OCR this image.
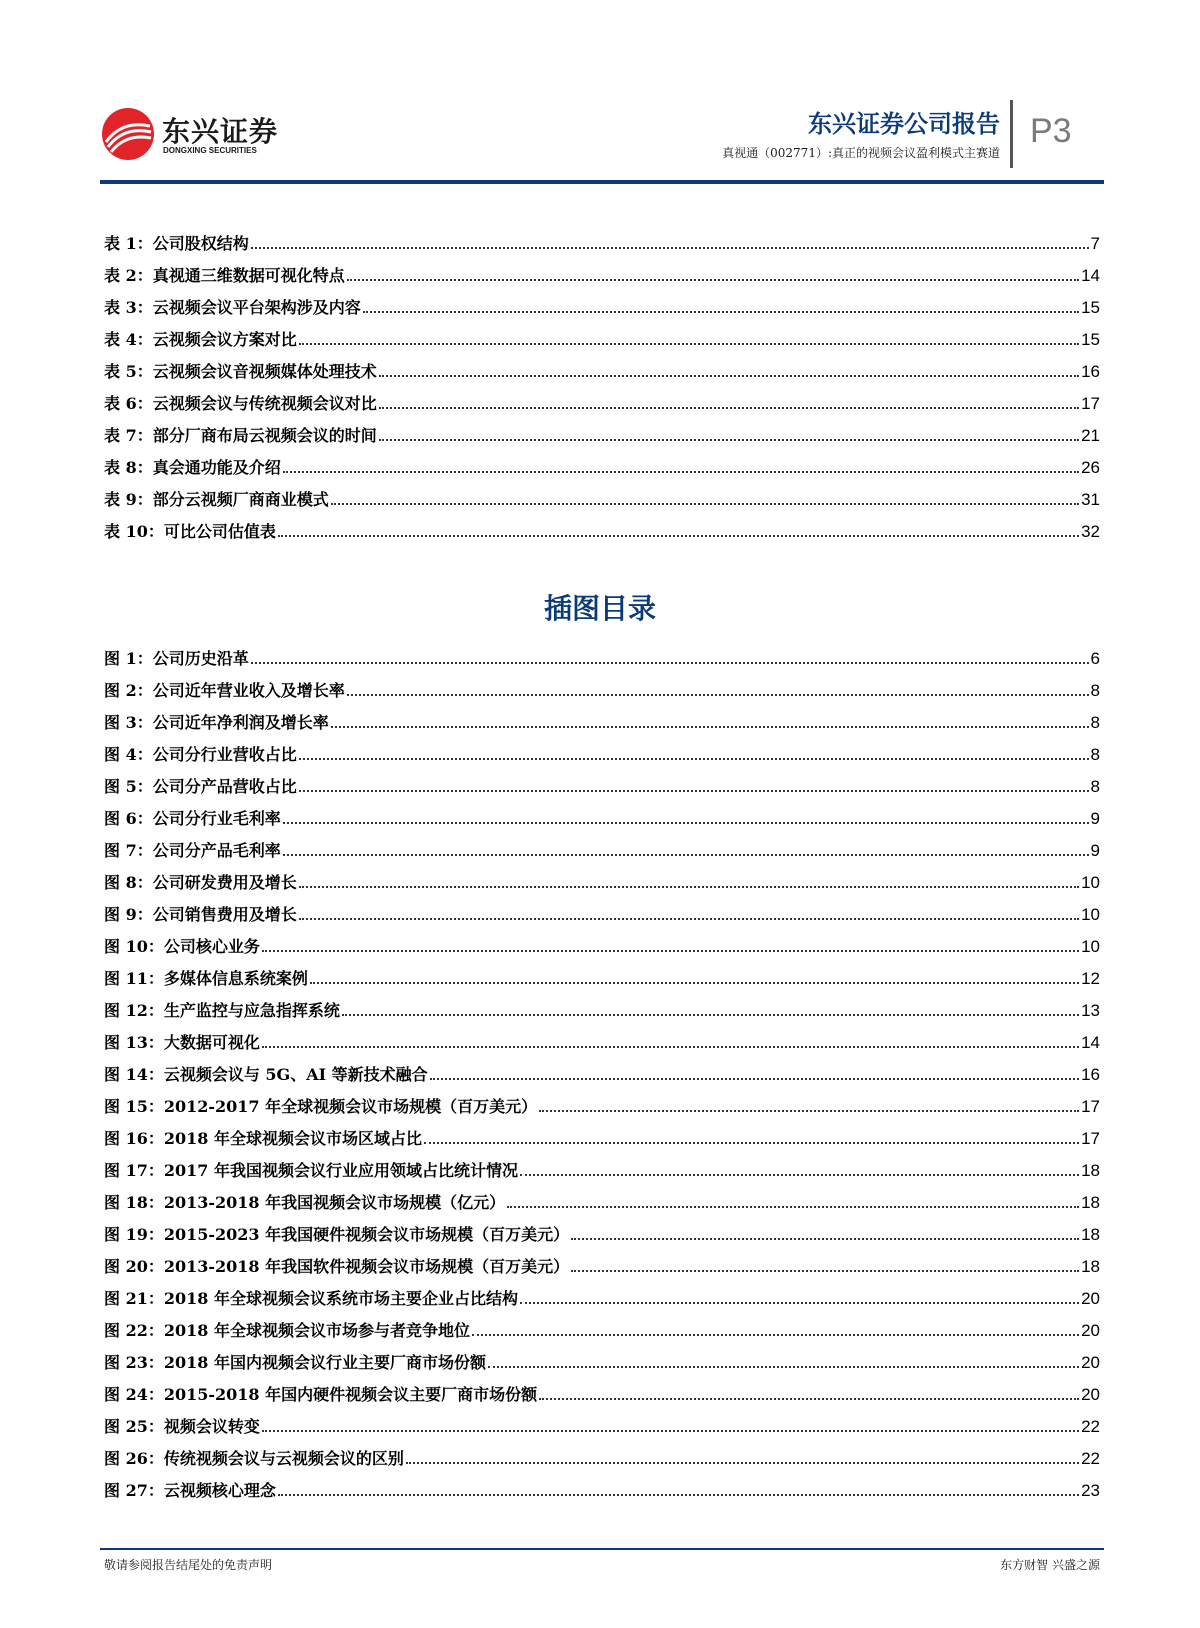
东兴证券
DONGXING SECURITIES
东兴证券公司报告
真视通（002771）:真正的视频会议盈利模式主赛道
P3
表 1：公司股权结构	7
表 2：真视通三维数据可视化特点	14
表 3：云视频会议平台架构涉及内容	15
表 4：云视频会议方案对比	15
表 5：云视频会议音视频媒体处理技术	16
表 6：云视频会议与传统视频会议对比	17
表 7：部分厂商布局云视频会议的时间	21
表 8：真会通功能及介绍	26
表 9：部分云视频厂商商业模式	31
表 10：可比公司估值表	32
插图目录
图 1：公司历史沿革	6
图 2：公司近年营业收入及增长率	8
图 3：公司近年净利润及增长率	8
图 4：公司分行业营收占比	8
图 5：公司分产品营收占比	8
图 6：公司分行业毛利率	9
图 7：公司分产品毛利率	9
图 8：公司研发费用及增长	10
图 9：公司销售费用及增长	10
图 10：公司核心业务	10
图 11：多媒体信息系统案例	12
图 12：生产监控与应急指挥系统	13
图 13：大数据可视化	14
图 14：云视频会议与 5G、AI 等新技术融合	16
图 15：2012-2017 年全球视频会议市场规模（百万美元）	17
图 16：2018 年全球视频会议市场区域占比	17
图 17：2017 年我国视频会议行业应用领域占比统计情况	18
图 18：2013-2018 年我国视频会议市场规模（亿元）	18
图 19：2015-2023 年我国硬件视频会议市场规模（百万美元）	18
图 20：2013-2018 年我国软件视频会议市场规模（百万美元）	18
图 21：2018 年全球视频会议系统市场主要企业占比结构	20
图 22：2018 年全球视频会议市场参与者竞争地位	20
图 23：2018 年国内视频会议行业主要厂商市场份额	20
图 24：2015-2018 年国内硬件视频会议主要厂商市场份额	20
图 25：视频会议转变	22
图 26：传统视频会议与云视频会议的区别	22
图 27：云视频核心理念	23
敬请参阅报告结尾处的免责声明	东方财智 兴盛之源
